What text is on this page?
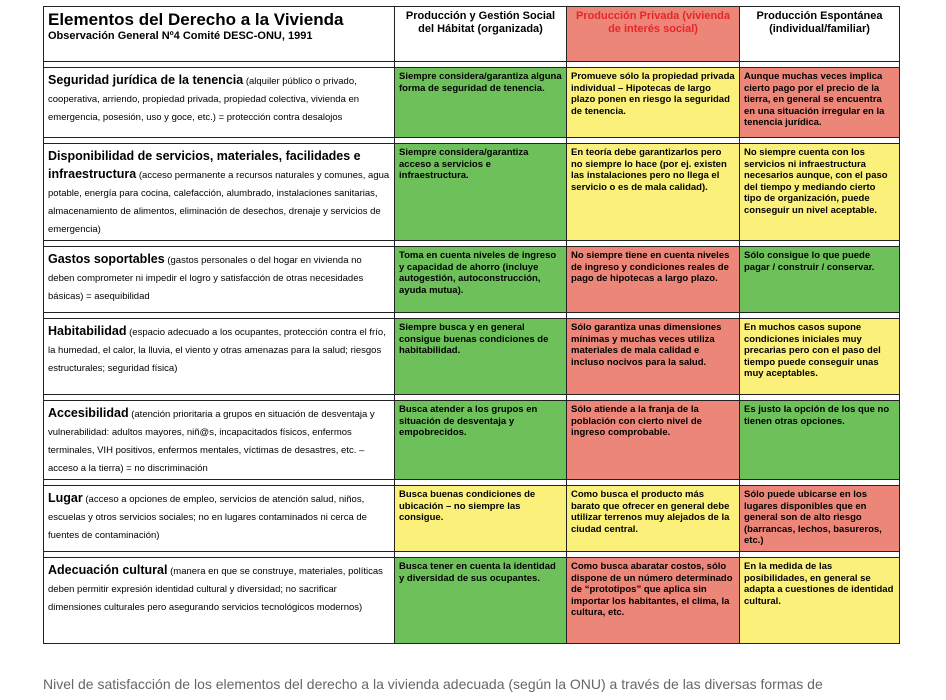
Elementos del Derecho a la Vivienda
Observación General Nº4 Comité DESC-ONU, 1991	Producción y Gestión Social del Hábitat (organizada)	Producción Privada (vivienda de interés social)	Producción Espontánea (individual/familiar)

Seguridad jurídica de la tenencia (alquiler público o privado, cooperativa, arriendo, propiedad privada, propiedad colectiva, vivienda en emergencia, posesión, uso y goce, etc.) = protección contra desalojos	Siempre considera/garantiza alguna forma de seguridad de tenencia.	Promueve sólo la propiedad privada individual – Hipotecas de largo plazo ponen en riesgo la seguridad de tenencia.	Aunque muchas veces implica cierto pago por el precio de la tierra, en general se encuentra en una situación irregular en la tenencia jurídica.

Disponibilidad de servicios, materiales, facilidades e infraestructura (acceso permanente a recursos naturales y comunes, agua potable, energía para cocina, calefacción, alumbrado, instalaciones sanitarias, almacenamiento de alimentos, eliminación de desechos, drenaje y servicios de emergencia)	Siempre considera/garantiza acceso a servicios e infraestructura.	En teoría debe garantizarlos pero no siempre lo hace (por ej. existen las instalaciones pero no llega el servicio o es de mala calidad).	No siempre cuenta con los servicios ni infraestructura necesarios aunque, con el paso del tiempo y mediando cierto tipo de organización, puede conseguir un nivel aceptable.

Gastos soportables (gastos personales o del hogar en vivienda no deben comprometer ni impedir el logro y satisfacción de otras necesidades básicas) = asequibilidad	Toma en cuenta niveles de ingreso y capacidad de ahorro (incluye autogestión, autoconstrucción, ayuda mutua).	No siempre tiene en cuenta niveles de ingreso y condiciones reales de pago de hipotecas a largo plazo.	Sólo consigue lo que puede pagar / construir / conservar.

Habitabilidad (espacio adecuado a los ocupantes, protección contra el frío, la humedad, el calor, la lluvia, el viento y otras amenazas para la salud; riesgos estructurales; seguridad física)	Siempre busca y en general consigue buenas condiciones de habitabilidad.	Sólo garantiza unas dimensiones mínimas y muchas veces utiliza materiales de mala calidad e incluso nocivos para la salud.	En muchos casos supone condiciones iniciales muy precarias pero con el paso del tiempo puede conseguir unas muy aceptables.

Accesibilidad (atención prioritaria a grupos en situación de desventaja y vulnerabilidad: adultos mayores, niñ@s, incapacitados físicos, enfermos terminales, VIH positivos, enfermos mentales, víctimas de desastres, etc. – acceso a la tierra) = no discriminación	Busca atender a los grupos en situación de desventaja y empobrecidos.	Sólo atiende a la franja de la población con cierto nivel de ingreso comprobable.	Es justo la opción de los que no tienen otras opciones.

Lugar (acceso a opciones de empleo, servicios de atención salud, niños, escuelas y otros servicios sociales; no en lugares contaminados ni cerca de fuentes de contaminación)	Busca buenas condiciones de ubicación – no siempre las consigue.	Como busca el producto más barato que ofrecer en general debe utilizar terrenos muy alejados de la ciudad central.	Sólo puede ubicarse en los lugares disponibles que en general son de alto riesgo (barrancas, lechos, basureros, etc.)

Adecuación cultural (manera en que se construye, materiales, políticas deben permitir expresión identidad cultural y diversidad; no sacrificar dimensiones culturales pero asegurando servicios tecnológicos modernos)	Busca tener en cuenta la identidad y diversidad de sus ocupantes.	Como busca abaratar costos, sólo dispone de un número determinado de “prototipos” que aplica sin importar los habitantes, el clima, la cultura, etc.	En la medida de las posibilidades, en general se adapta a cuestiones de identidad cultural.
Nivel de satisfacción de los elementos del derecho a la vivienda adecuada (según la ONU) a través de las diversas formas de
